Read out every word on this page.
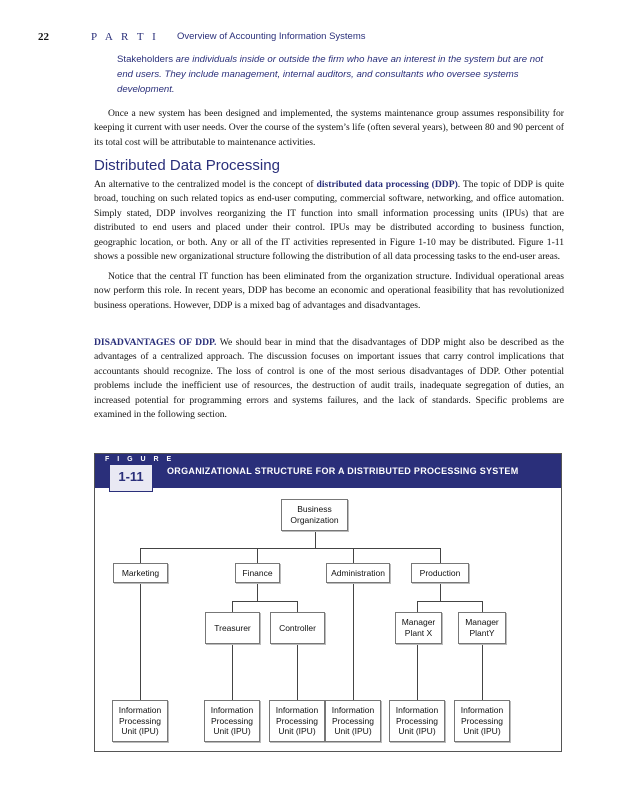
22	P A R T I Overview of Accounting Information Systems

Stakeholders are individuals inside or outside the firm who have an interest in the system but are not end users. They include management, internal auditors, and consultants who oversee systems development.

Once a new system has been designed and implemented, the systems maintenance group assumes responsibility for keeping it current with user needs. Over the course of the system’s life (often several years), between 80 and 90 percent of its total cost will be attributable to maintenance activities.

Distributed Data Processing

An alternative to the centralized model is the concept of distributed data processing (DDP). The topic of DDP is quite broad, touching on such related topics as end-user computing, commercial software, networking, and office automation. Simply stated, DDP involves reorganizing the IT function into small information processing units (IPUs) that are distributed to end users and placed under their control. IPUs may be distributed according to business function, geographic location, or both. Any or all of the IT activities represented in Figure 1-10 may be distributed. Figure 1-11 shows a possible new organizational structure following the distribution of all data processing tasks to the end-user areas.

Notice that the central IT function has been eliminated from the organization structure. Individual operational areas now perform this role. In recent years, DDP has become an economic and operational feasibility that has revolutionized business operations. However, DDP is a mixed bag of advantages and disadvantages.

DISADVANTAGES OF DDP. We should bear in mind that the disadvantages of DDP might also be described as the advantages of a centralized approach. The discussion focuses on important issues that carry control implications that accountants should recognize. The loss of control is one of the most serious disadvantages of DDP. Other potential problems include the inefficient use of resources, the destruction of audit trails, inadequate segregation of duties, an increased potential for programming errors and systems failures, and the lack of standards. Specific problems are examined in the following section.

F I G U R E
ORGANIZATIONAL STRUCTURE FOR A DISTRIBUTED PROCESSING SYSTEM
1-11
Business
Organization
Marketing	Finance	Administration	Production
Treasurer	Controller
Manager
Plant X
Manager
PlantY
Information
Processing
Unit (IPU)
Information
Processing
Unit (IPU)
Information
Processing
Unit (IPU)
Information
Processing
Unit (IPU)
Information
Processing
Unit (IPU)
Information
Processing
Unit (IPU)
